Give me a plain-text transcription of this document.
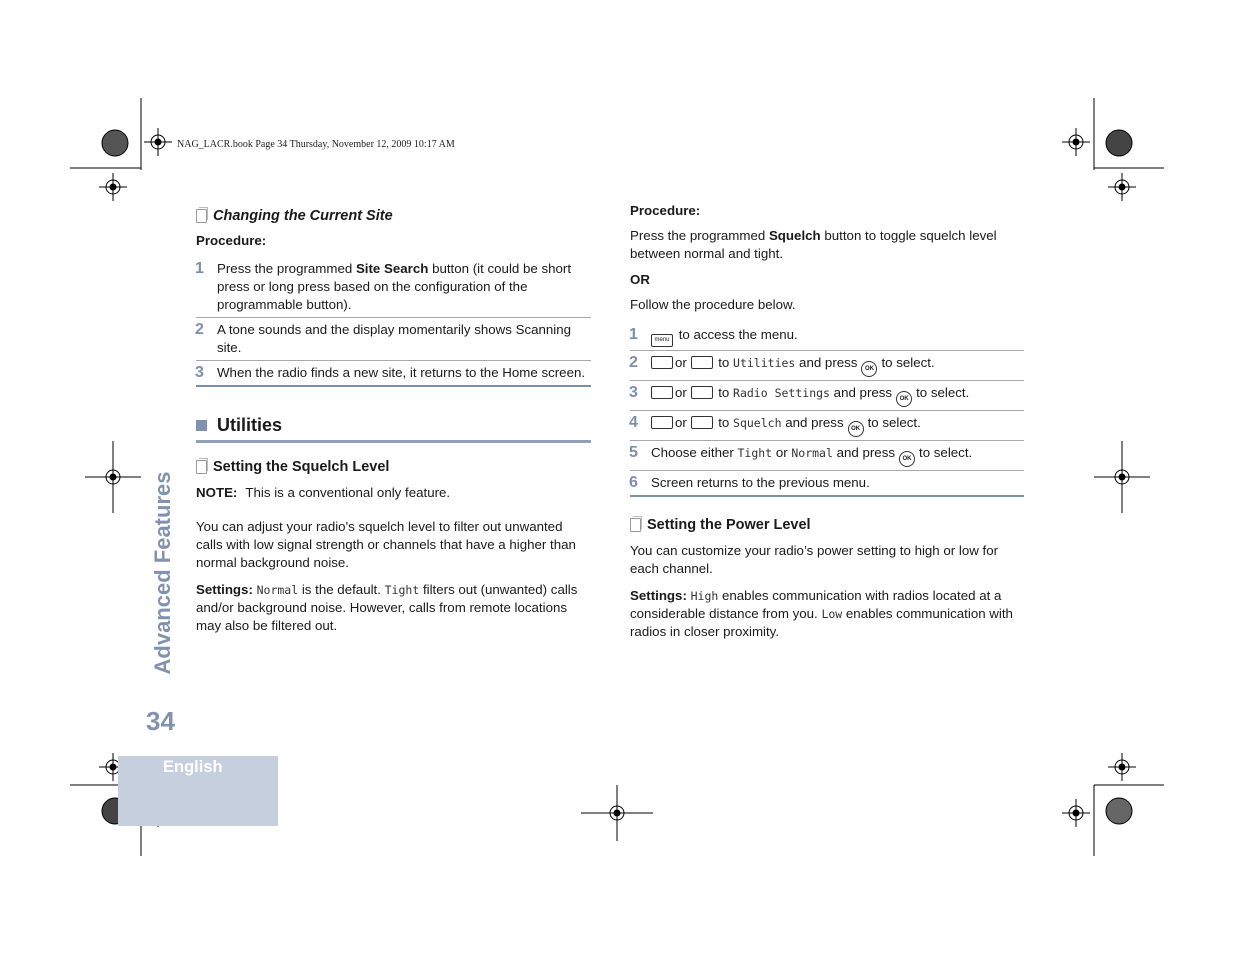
NAG_LACR.book Page 34 Thursday, November 12, 2009 10:17 AM
Changing the Current Site
Procedure:
1 Press the programmed Site Search button (it could be short press or long press based on the configuration of the programmable button).
2 A tone sounds and the display momentarily shows Scanning site.
3 When the radio finds a new site, it returns to the Home screen.
Utilities
Setting the Squelch Level

NOTE: This is a conventional only feature.

You can adjust your radio's squelch level to filter out unwanted calls with low signal strength or channels that have a higher than normal background noise.

Settings: Normal is the default. Tight filters out (unwanted) calls and/or background noise. However, calls from remote locations may also be filtered out.

Procedure:

Press the programmed Squelch button to toggle squelch level between normal and tight.

OR

Follow the procedure below.

1	menu to access the menu.
2	or to Utilities and press OK to select.
3	or to Radio Settings and press OK to select.
4	or to Squelch and press OK to select.
5 Choose either Tight or Normal and press OK to select.
6 Screen returns to the previous menu.
Setting the Power Level

You can customize your radio’s power setting to high or low for each channel.

Settings: High enables communication with radios located at a considerable distance from you. Low enables communication with radios in closer proximity.

Advanced Features
34
English
